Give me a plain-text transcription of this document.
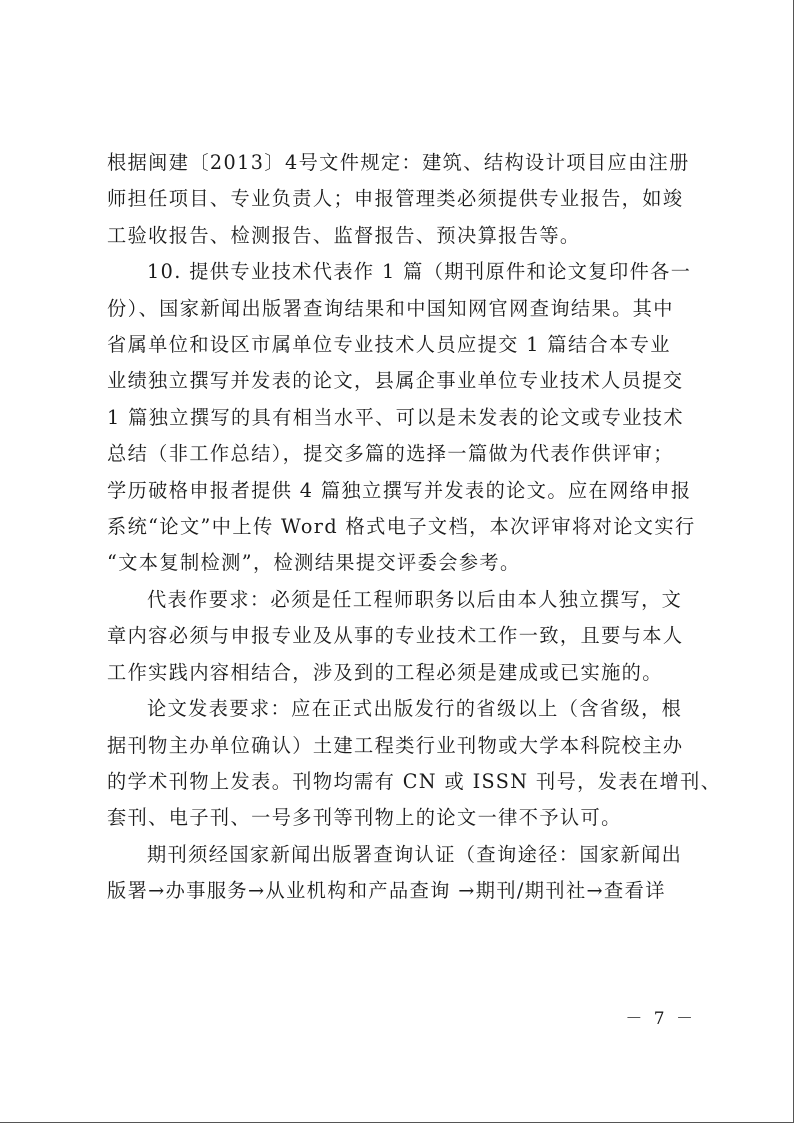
根据闽建〔2013〕4号文件规定：建筑、结构设计项目应由注册
师担任项目、专业负责人；申报管理类必须提供专业报告，如竣
工验收报告、检测报告、监督报告、预决算报告等。

10. 提供专业技术代表作 1 篇（期刊原件和论文复印件各一
份）、国家新闻出版署查询结果和中国知网官网查询结果。其中
省属单位和设区市属单位专业技术人员应提交 1 篇结合本专业
业绩独立撰写并发表的论文，县属企事业单位专业技术人员提交
1 篇独立撰写的具有相当水平、可以是未发表的论文或专业技术
总结（非工作总结），提交多篇的选择一篇做为代表作供评审；
学历破格申报者提供 4 篇独立撰写并发表的论文。应在网络申报
系统“论文”中上传 Word 格式电子文档，本次评审将对论文实行
“文本复制检测”，检测结果提交评委会参考。

代表作要求：必须是任工程师职务以后由本人独立撰写，文
章内容必须与申报专业及从事的专业技术工作一致，且要与本人
工作实践内容相结合，涉及到的工程必须是建成或已实施的。

论文发表要求：应在正式出版发行的省级以上（含省级，根
据刊物主办单位确认）土建工程类行业刊物或大学本科院校主办
的学术刊物上发表。刊物均需有 CN 或 ISSN 刊号，发表在增刊、
套刊、电子刊、一号多刊等刊物上的论文一律不予认可。

期刊须经国家新闻出版署查询认证（查询途径：国家新闻出
版署→办事服务→从业机构和产品查询 →期刊/期刊社→查看详

－ 7 －
